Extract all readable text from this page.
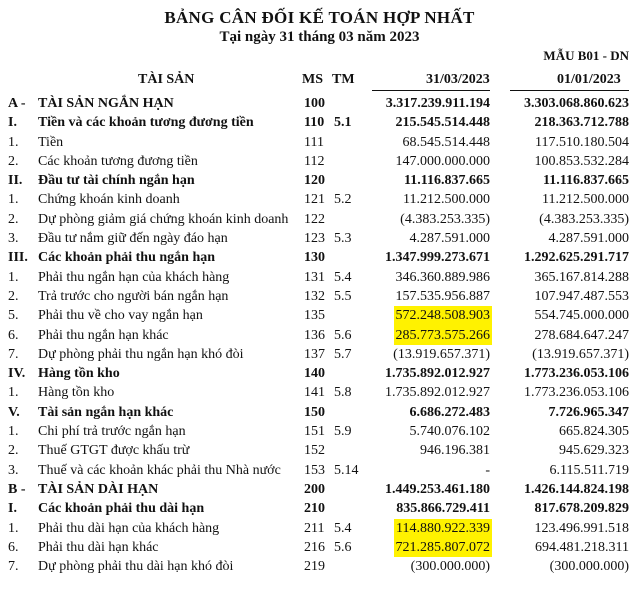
BẢNG CÂN ĐỐI KẾ TOÁN HỢP NHẤT
Tại ngày 31 tháng 03 năm 2023
MẪU B01 - DN
TÀI SẢN	MS TM	31/03/2023	01/01/2023
A - TÀI SẢN NGẮN HẠN	100	3.317.239.911.194 3.303.068.860.623
I. Tiền và các khoản tương đương tiền	110 5.1	215.545.514.448	218.363.712.788
1. Tiền	111	68.545.514.448	117.510.180.504
2. Các khoản tương đương tiền	112	147.000.000.000	100.853.532.284
II. Đầu tư tài chính ngắn hạn	120	11.116.837.665	11.116.837.665
1. Chứng khoán kinh doanh	121 5.2	11.212.500.000	11.212.500.000
2. Dự phòng giảm giá chứng khoán kinh doanh 122	(4.383.253.335)	(4.383.253.335)
3. Đầu tư nắm giữ đến ngày đáo hạn	123 5.3	4.287.591.000	4.287.591.000
III. Các khoản phải thu ngắn hạn	130	1.347.999.273.671 1.292.625.291.717
1. Phải thu ngắn hạn của khách hàng	131 5.4	346.360.889.986	365.167.814.288
2. Trả trước cho người bán ngắn hạn	132 5.5	157.535.956.887	107.947.487.553
5. Phải thu về cho vay ngắn hạn	135	572.248.508.903	554.745.000.000
6. Phải thu ngắn hạn khác	136 5.6	285.773.575.266	278.684.647.247
7. Dự phòng phải thu ngắn hạn khó đòi	137 5.7	(13.919.657.371)	(13.919.657.371)
IV. Hàng tồn kho	140	1.735.892.012.927 1.773.236.053.106
1. Hàng tồn kho	141 5.8 1.735.892.012.927 1.773.236.053.106
V. Tài sản ngắn hạn khác	150	6.686.272.483	7.726.965.347
1. Chi phí trả trước ngắn hạn	151 5.9	5.740.076.102	665.824.305
2. Thuế GTGT được khấu trừ	152	946.196.381	945.629.323
3. Thuế và các khoản khác phải thu Nhà nước 153 5.14	-	6.115.511.719
B - TÀI SẢN DÀI HẠN	200	1.449.253.461.180 1.426.144.824.198
I. Các khoản phải thu dài hạn	210	835.866.729.411	817.678.209.829
1. Phải thu dài hạn của khách hàng	211 5.4	114.880.922.339	123.496.991.518
6. Phải thu dài hạn khác	216 5.6	721.285.807.072	694.481.218.311
7. Dự phòng phải thu dài hạn khó đòi	219	(300.000.000)	(300.000.000)
